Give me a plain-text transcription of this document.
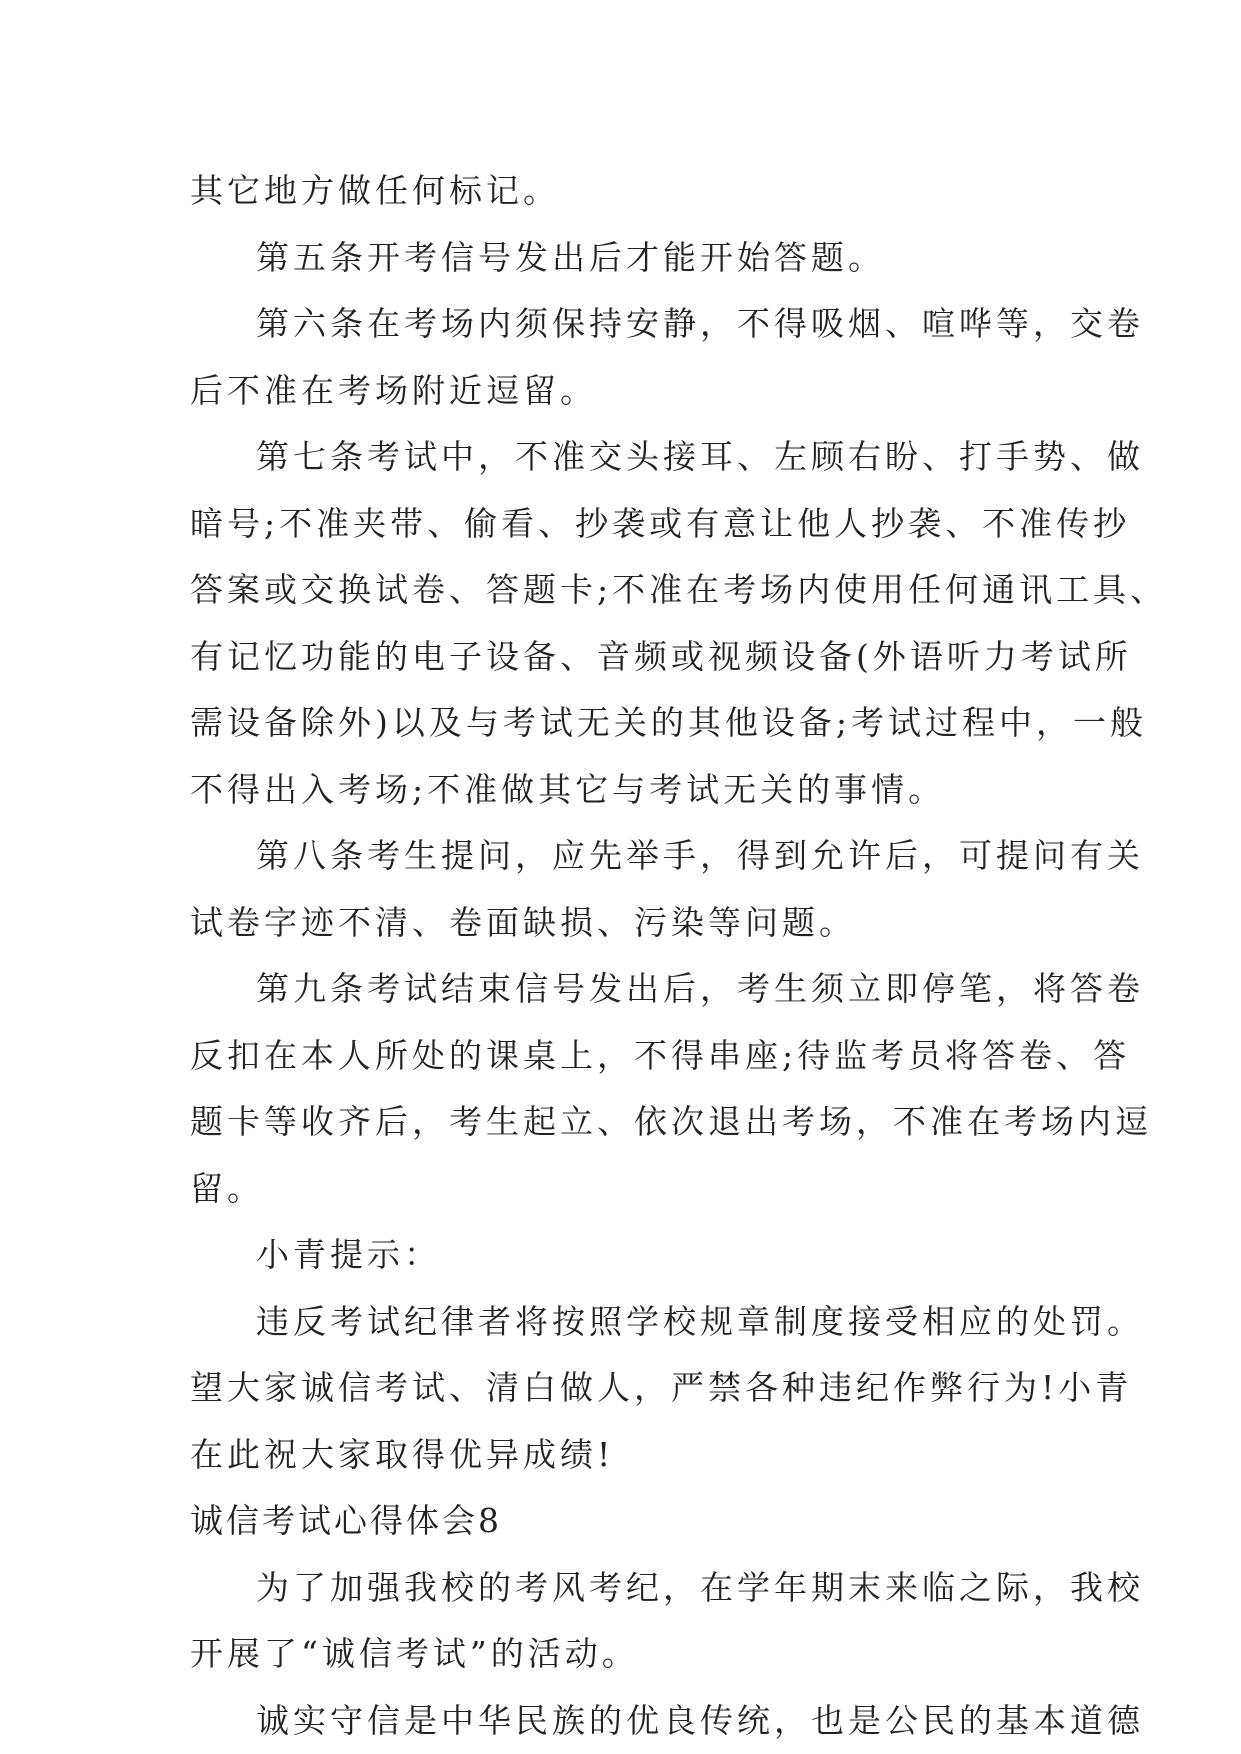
其它地方做任何标记。
第五条开考信号发出后才能开始答题。
第六条在考场内须保持安静，不得吸烟、喧哗等，交卷
后不准在考场附近逗留。
第七条考试中，不准交头接耳、左顾右盼、打手势、做
暗号;不准夹带、偷看、抄袭或有意让他人抄袭、不准传抄
答案或交换试卷、答题卡;不准在考场内使用任何通讯工具、
有记忆功能的电子设备、音频或视频设备(外语听力考试所
需设备除外)以及与考试无关的其他设备;考试过程中，一般
不得出入考场;不准做其它与考试无关的事情。
第八条考生提问，应先举手，得到允许后，可提问有关
试卷字迹不清、卷面缺损、污染等问题。
第九条考试结束信号发出后，考生须立即停笔，将答卷
反扣在本人所处的课桌上，不得串座;待监考员将答卷、答
题卡等收齐后，考生起立、依次退出考场，不准在考场内逗
留。
小青提示：
违反考试纪律者将按照学校规章制度接受相应的处罚。
望大家诚信考试、清白做人，严禁各种违纪作弊行为!小青
在此祝大家取得优异成绩!
诚信考试心得体会8
为了加强我校的考风考纪，在学年期末来临之际，我校
开展了“诚信考试”的活动。
诚实守信是中华民族的优良传统，也是公民的基本道德
